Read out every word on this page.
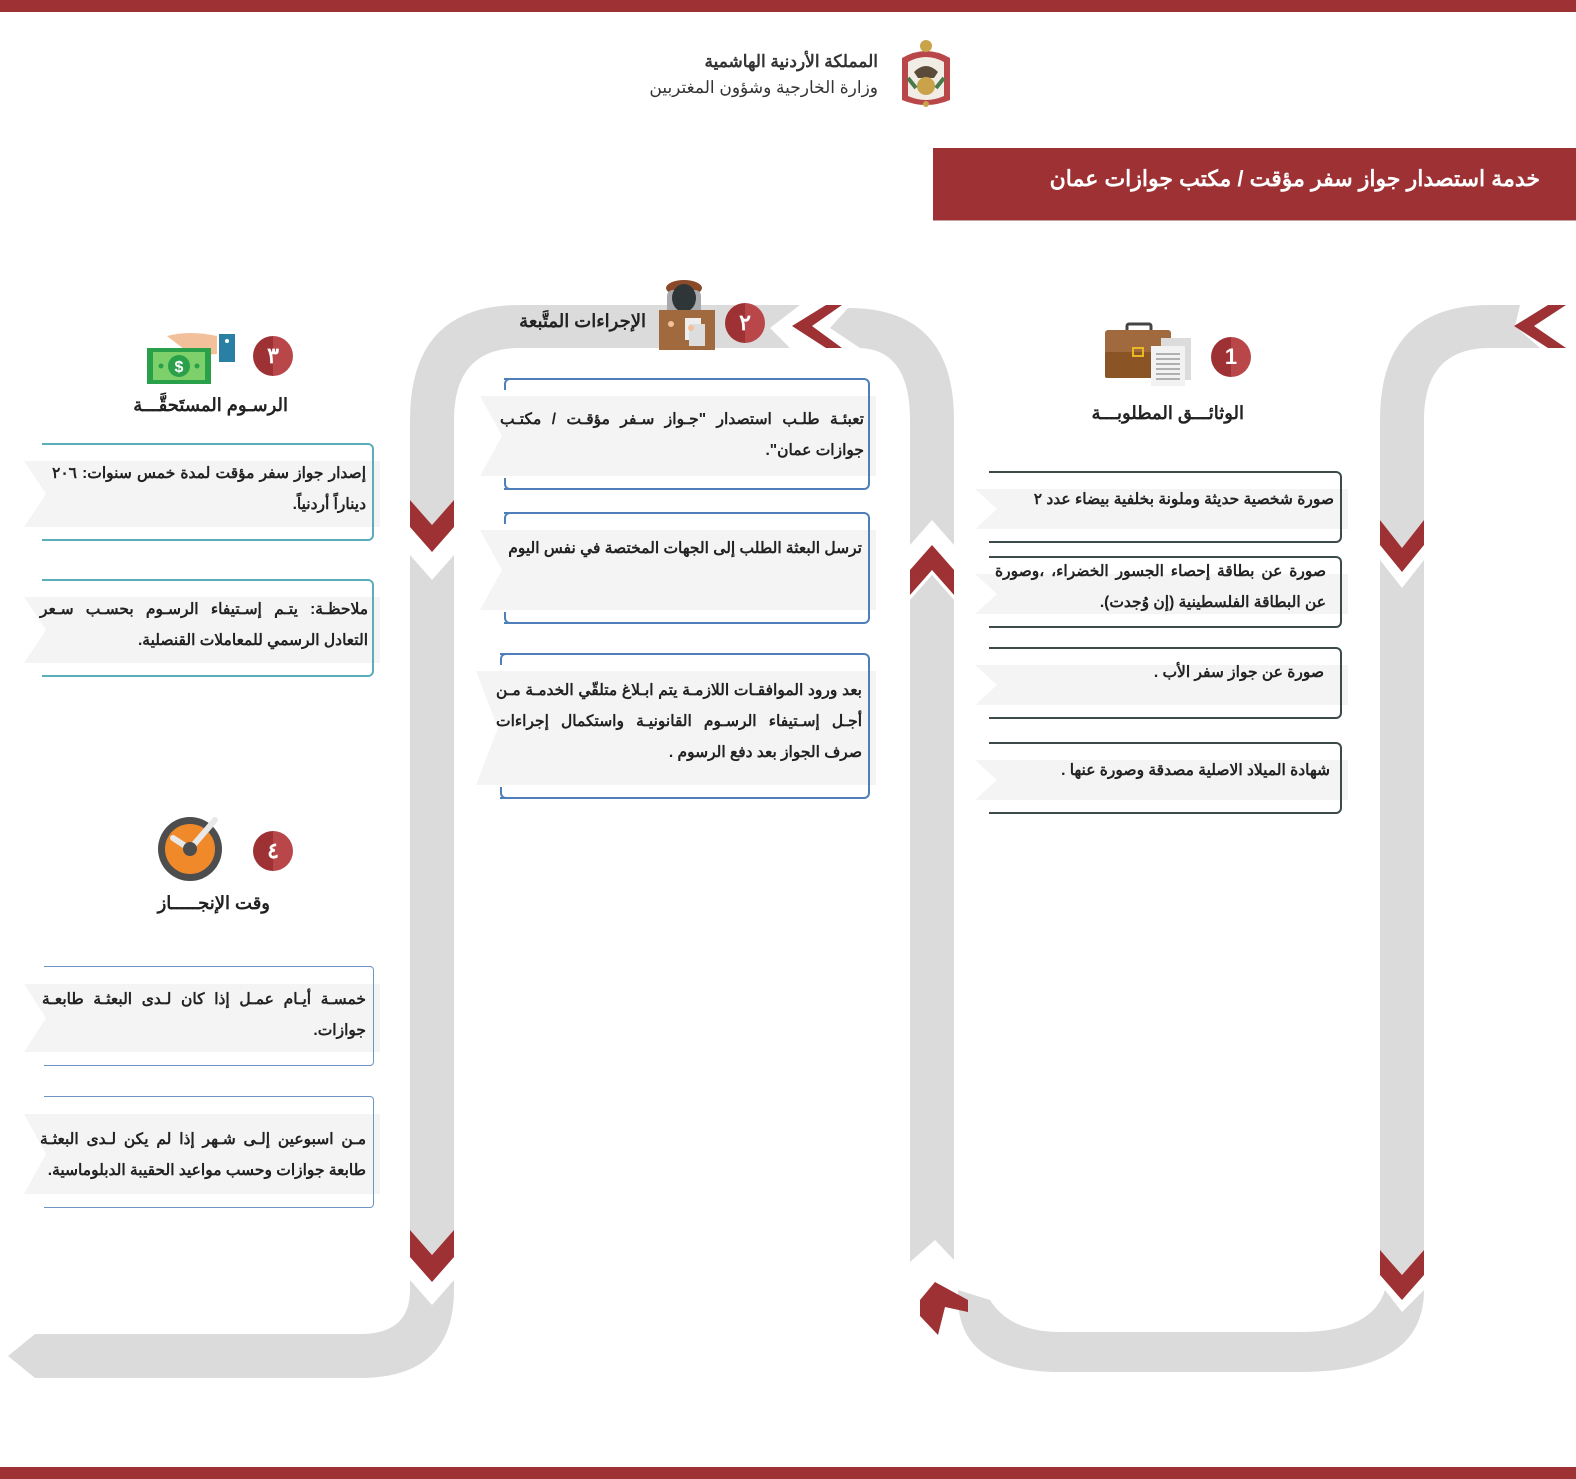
المملكة الأردنية الهاشمية
وزارة الخارجية وشؤون المغتربين
خدمة استصدار جواز سفر مؤقت / مكتب جوازات عمان
1
الوثائـــق المطلوبـــة
صورة شخصية حديثة وملونة بخلفية بيضاء عدد ٢
صورة عن بطاقة إحصاء الجسور الخضراء، ،وصورة عن البطاقة الفلسطينية (إن وُجدت).
صورة عن جواز سفر الأب .
شهادة الميلاد الاصلية مصدقة وصورة عنها .
٢
الإجراءات المتَّبعة
تعبئـة طلـب استصدار "جـواز سـفر مؤقـت / مكتـب جوازات عمان".
ترسل البعثة الطلب إلى الجهات المختصة في نفس اليوم
بعد ورود الموافقـات اللازمـة يتم ابـلاغ متلقّي الخدمـة مـن أجـل إسـتيفاء الرسـوم القانونيـة واستكمال إجراءات صرف الجواز بعد دفع الرسوم .
٣
$
الرسـوم المستَحقَّـــة
إصدار جواز سفر مؤقت لمدة خمس سنوات: ٢٠٦ ديناراً أردنياً.
ملاحظـة: يتـم إسـتيفاء الرسـوم بحسـب سـعر التعادل الرسمي للمعاملات القنصلية.
٤
وقت الإنجـــــاز
خمسـة أيـام عمـل إذا كان لـدى البعثـة طابعـة جوازات.
مـن اسبوعين إلـى شـهر إذا لم يكن لـدى البعثـة طابعة جوازات وحسب مواعيد الحقيبة الدبلوماسية.
